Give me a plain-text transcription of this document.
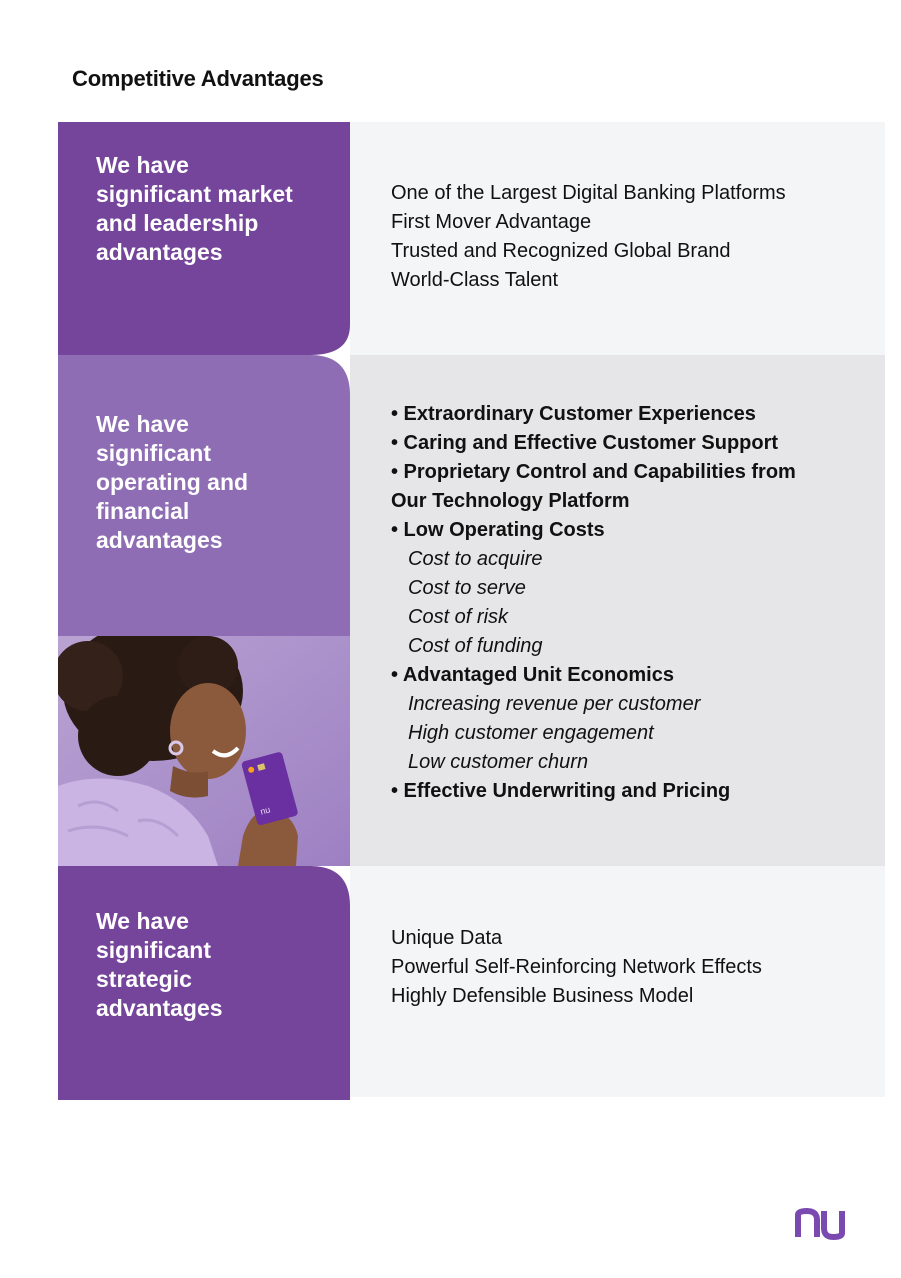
Competitive Advantages
We have
significant market
and leadership
advantages
One of the Largest Digital Banking Platforms
First Mover Advantage
Trusted and Recognized Global Brand
World-Class Talent
We have
significant
operating and
financial
advantages
• Extraordinary Customer Experiences
• Caring and Effective Customer Support
• Proprietary Control and Capabilities from
Our Technology Platform
• Low Operating Costs
Cost to acquire
Cost to serve
Cost of risk
Cost of funding
• Advantaged Unit Economics
Increasing revenue per customer
High customer engagement
Low customer churn
• Effective Underwriting and Pricing
nu
We have
significant
strategic
advantages
Unique Data
Powerful Self-Reinforcing Network Effects
Highly Defensible Business Model
